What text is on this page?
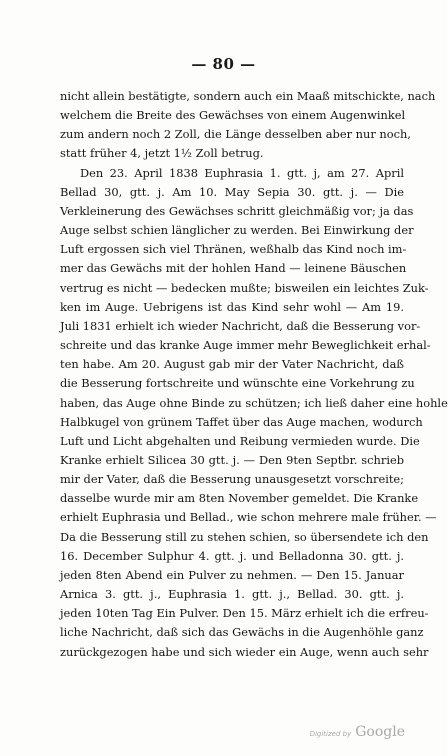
— 80 —
nicht allein bestätigte, sondern auch ein Maaß mitschickte, nach
welchem die Breite des Gewächses von einem Augenwinkel
zum andern noch 2 Zoll, die Länge desselben aber nur noch,
statt früher 4, jetzt 1½ Zoll betrug.
Den 23. April 1838 Euphrasia 1. gtt. j, am 27. April
Bellad 30, gtt. j. Am 10. May Sepia 30. gtt. j. — Die
Verkleinerung des Gewächses schritt gleichmäßig vor; ja das
Auge selbst schien länglicher zu werden. Bei Einwirkung der
Luft ergossen sich viel Thränen, weßhalb das Kind noch im-
mer das Gewächs mit der hohlen Hand — leinene Bäuschen
vertrug es nicht — bedecken mußte; bisweilen ein leichtes Zuk-
ken im Auge. Uebrigens ist das Kind sehr wohl — Am 19.
Juli 1831 erhielt ich wieder Nachricht, daß die Besserung vor-
schreite und das kranke Auge immer mehr Beweglichkeit erhal-
ten habe. Am 20. August gab mir der Vater Nachricht, daß
die Besserung fortschreite und wünschte eine Vorkehrung zu
haben, das Auge ohne Binde zu schützen; ich ließ daher eine hohle
Halbkugel von grünem Taffet über das Auge machen, wodurch
Luft und Licht abgehalten und Reibung vermieden wurde. Die
Kranke erhielt Silicea 30 gtt. j. — Den 9ten Septbr. schrieb
mir der Vater, daß die Besserung unausgesetzt vorschreite;
dasselbe wurde mir am 8ten November gemeldet. Die Kranke
erhielt Euphrasia und Bellad., wie schon mehrere male früher. —
Da die Besserung still zu stehen schien, so übersendete ich den
16. December Sulphur 4. gtt. j. und Belladonna 30. gtt. j.
jeden 8ten Abend ein Pulver zu nehmen. — Den 15. Januar
Arnica 3. gtt. j., Euphrasia 1. gtt. j., Bellad. 30. gtt. j.
jeden 10ten Tag Ein Pulver. Den 15. März erhielt ich die erfreu-
liche Nachricht, daß sich das Gewächs in die Augenhöhle ganz
zurückgezogen habe und sich wieder ein Auge, wenn auch sehr
Digitized by Google
